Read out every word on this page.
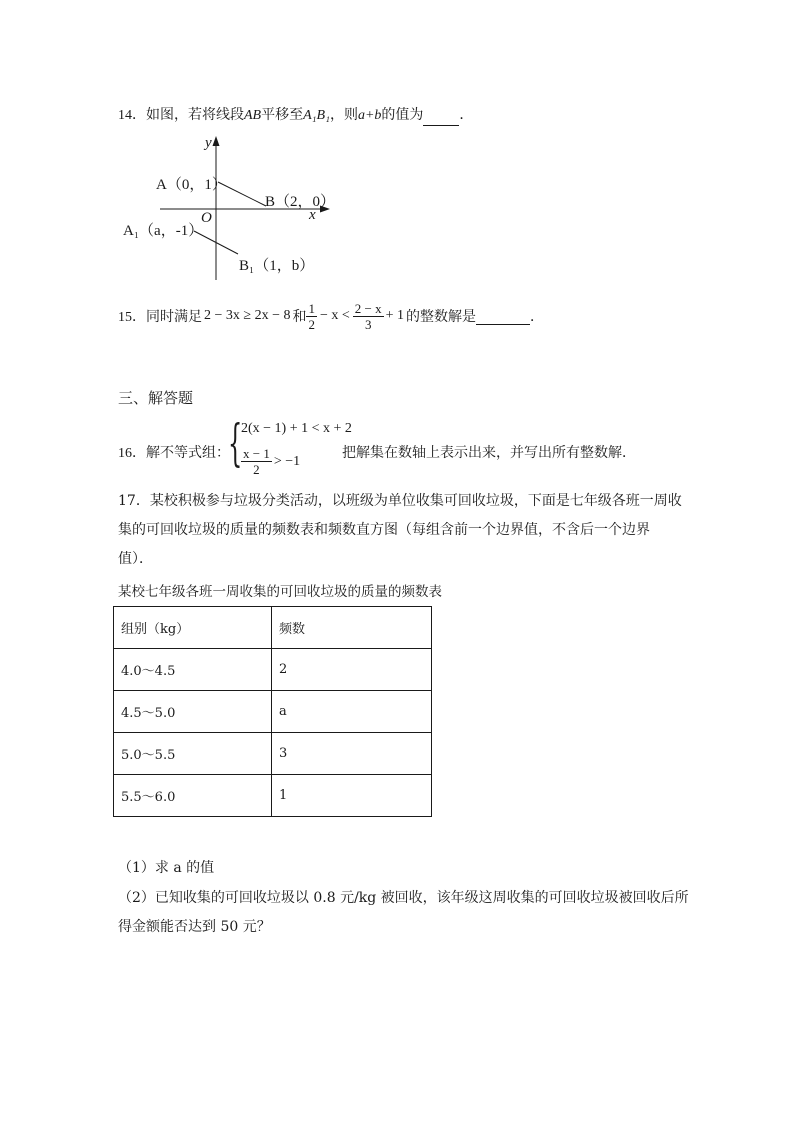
14．如图，若将线段AB平移至A₁B₁，则a+b的值为	．
y
x
O
A（0，1）
B（2，0）
A₁（a，-1）
B₁（1，b）
15． 同时满足 2 − 3x ≥ 2x − 8 和 $\frac{1}{2} - x < \frac{2 - x}{3} + 1$ 的整数解是
	．
三、解答题
16．解不等式组：
{
2(x − 1) + 1 < x + 2
$\frac{x - 1}{2} > -1$	把解集在数轴上表示出来，并写出所有整数解．
17．某校积极参与垃圾分类活动，以班级为单位收集可回收垃圾，下面是七年级各班一周收
集的可回收垃圾的质量的频数表和频数直方图（每组含前一个边界值，不含后一个边界
值）．
某校七年级各班一周收集的可回收垃圾的质量的频数表
组别（kg）	频数
4.0～4.5	2
4.5～5.0	a
5.0～5.5	3
5.5～6.0	1
（1）求 a 的值
（2）已知收集的可回收垃圾以 0.8 元/kg 被回收，该年级这周收集的可回收垃圾被回收后所
得金额能否达到 50 元？
